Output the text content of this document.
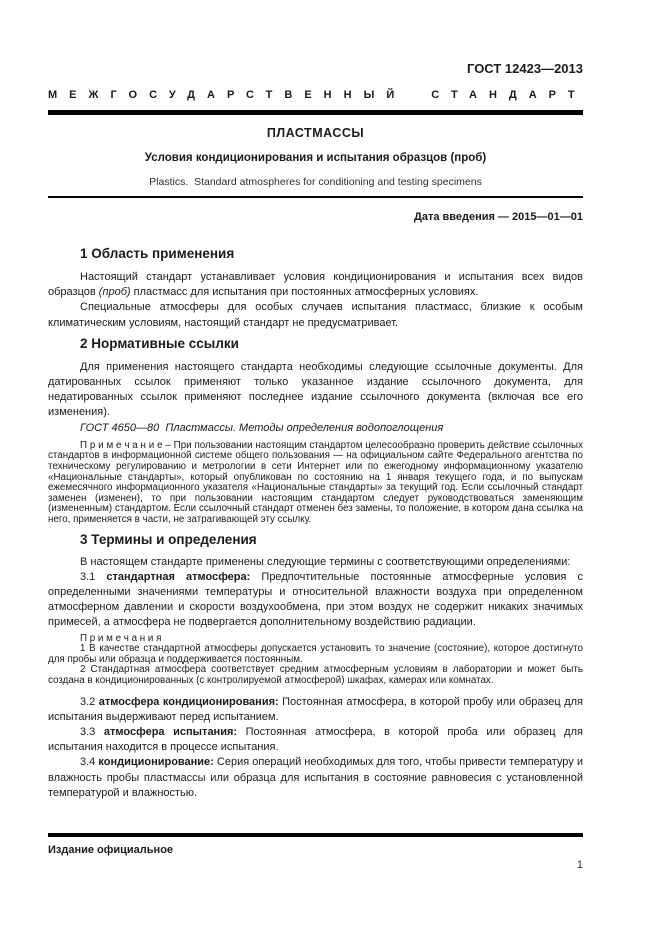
ГОСТ 12423—2013
МЕЖГОСУДАРСТВЕННЫЙ СТАНДАРТ
ПЛАСТМАССЫ
Условия кондиционирования и испытания образцов (проб)
Plastics.  Standard atmospheres for conditioning and testing specimens
Дата введения — 2015—01—01
1 Область применения

Настоящий стандарт устанавливает условия кондиционирования и испытания всех видов образцов (проб) пластмасс для испытания при постоянных атмосферных условиях.

Специальные атмосферы для особых случаев испытания пластмасс, близкие к особым климатическим условиям, настоящий стандарт не предусматривает.

2 Нормативные ссылки

Для применения настоящего стандарта необходимы следующие ссылочные документы. Для датированных ссылок применяют только указанное издание ссылочного документа, для недатированных ссылок применяют последнее издание ссылочного документа (включая все его изменения).

ГОСТ 4650—80  Пластмассы. Методы определения водопоглощения

П р и м е ч а н и е – При пользовании настоящим стандартом целесообразно проверить действие ссылочных стандартов в информационной системе общего пользования — на официальном сайте Федерального агентства по техническому регулированию и метрологии в сети Интернет или по ежегодному информационному указателю «Национальные стандарты», который опубликован по состоянию на 1 января текущего года, и по выпускам ежемесячного информационного указателя «Национальные стандарты» за текущий год. Если ссылочный стандарт заменен (изменен), то при пользовании настоящим стандартом следует руководствоваться заменяющим (измененным) стандартом. Если ссылочный стандарт отменен без замены, то положение, в котором дана ссылка на него, применяется в части, не затрагивающей эту ссылку.

3 Термины и определения

В настоящем стандарте применены следующие термины с соответствующими определениями:

3.1 стандартная атмосфера: Предпочтительные постоянные атмосферные условия с определенными значениями температуры и относительной влажности воздуха при определенном атмосферном давлении и скорости воздухообмена, при этом воздух не содержит никаких значимых примесей, а атмосфера не подвергается дополнительному воздействию радиации.

П р и м е ч а н и я

1 В качестве стандартной атмосферы допускается установить то значение (состояние), которое достигнуто для пробы или образца и поддерживается постоянным.

2 Стандартная атмосфера соответствует средним атмосферным условиям в лаборатории и может быть создана в кондиционированных (с контролируемой атмосферой) шкафах, камерах или комнатах.

3.2 атмосфера кондиционирования: Постоянная атмосфера, в которой пробу или образец для испытания выдерживают перед испытанием.

3.3 атмосфера испытания: Постоянная атмосфера, в которой проба или образец для испытания находится в процессе испытания.

3.4 кондиционирование: Серия операций необходимых для того, чтобы привести температуру и влажность пробы пластмассы или образца для испытания в состояние равновесия с установленной температурой и влажностью.

Издание официальное
1
